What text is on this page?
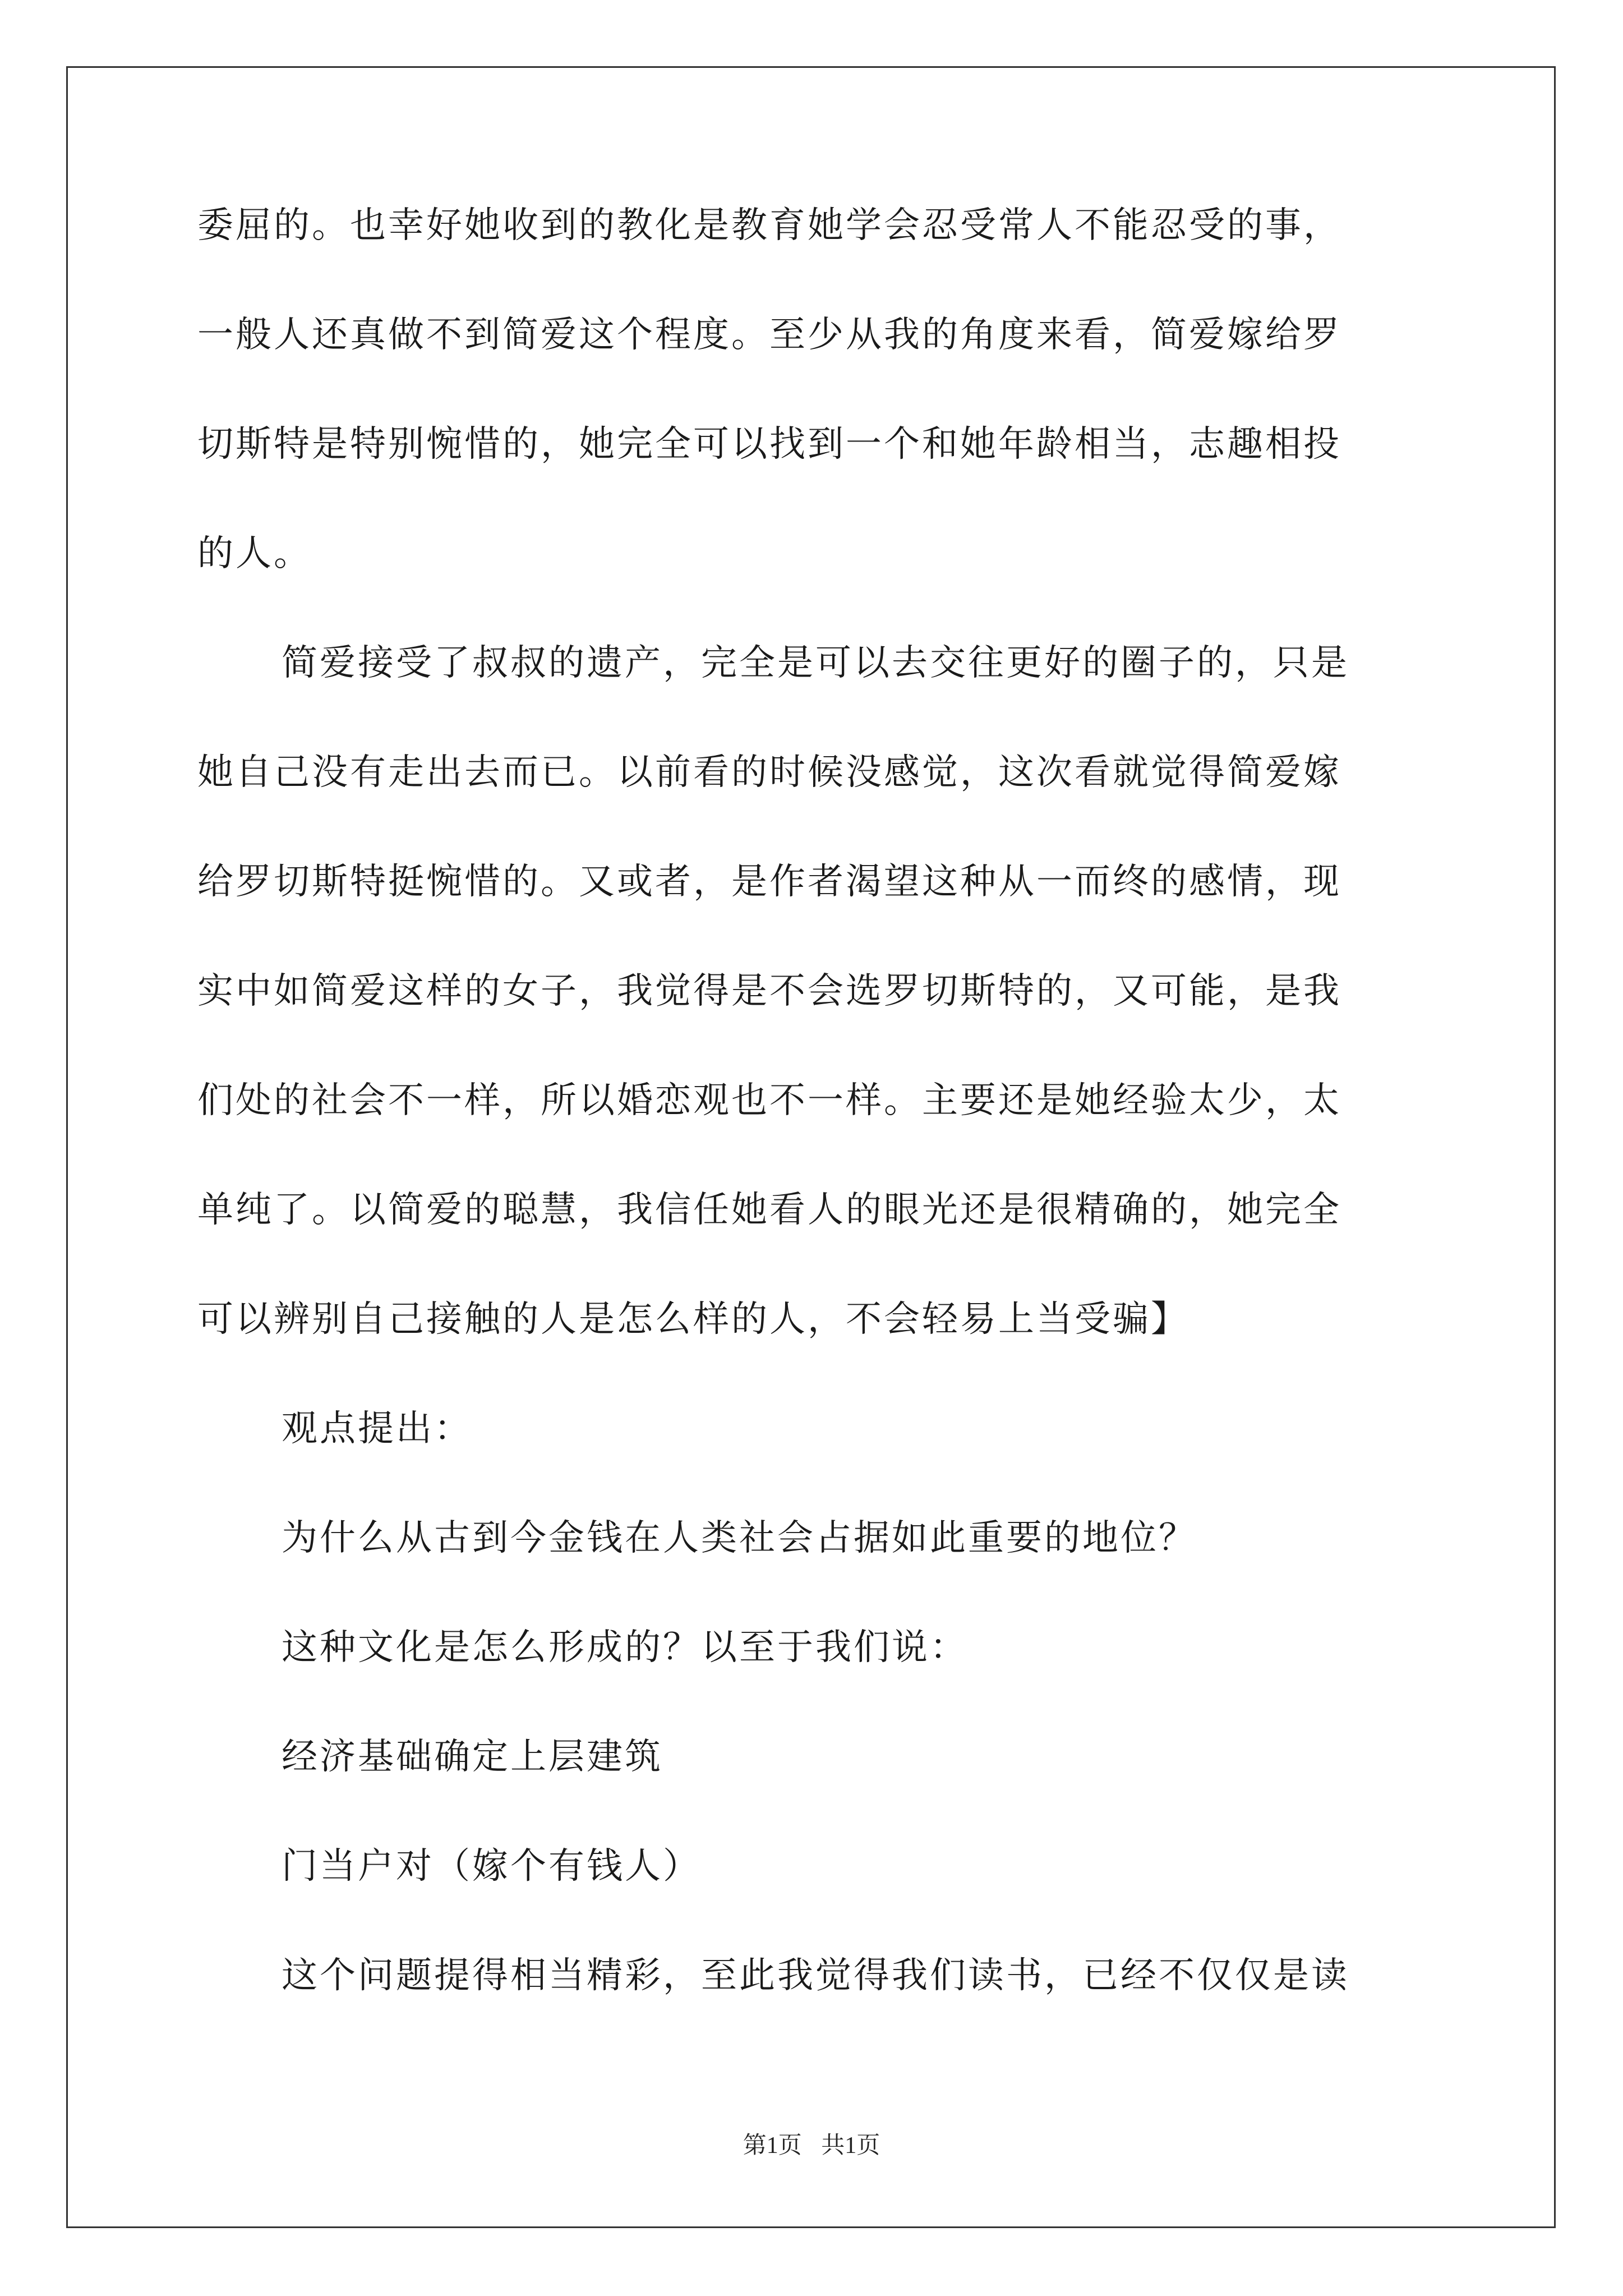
委屈的。也幸好她收到的教化是教育她学会忍受常人不能忍受的事，
一般人还真做不到简爱这个程度。至少从我的角度来看，简爱嫁给罗
切斯特是特别惋惜的，她完全可以找到一个和她年龄相当，志趣相投
的人。
简爱接受了叔叔的遗产，完全是可以去交往更好的圈子的，只是
她自己没有走出去而已。以前看的时候没感觉，这次看就觉得简爱嫁
给罗切斯特挺惋惜的。又或者，是作者渴望这种从一而终的感情，现
实中如简爱这样的女子，我觉得是不会选罗切斯特的，又可能，是我
们处的社会不一样，所以婚恋观也不一样。主要还是她经验太少，太
单纯了。以简爱的聪慧，我信任她看人的眼光还是很精确的，她完全
可以辨别自己接触的人是怎么样的人，不会轻易上当受骗】
观点提出：
为什么从古到今金钱在人类社会占据如此重要的地位？
这种文化是怎么形成的？以至于我们说：
经济基础确定上层建筑
门当户对（嫁个有钱人）
这个问题提得相当精彩，至此我觉得我们读书，已经不仅仅是读
第1页 共1页
